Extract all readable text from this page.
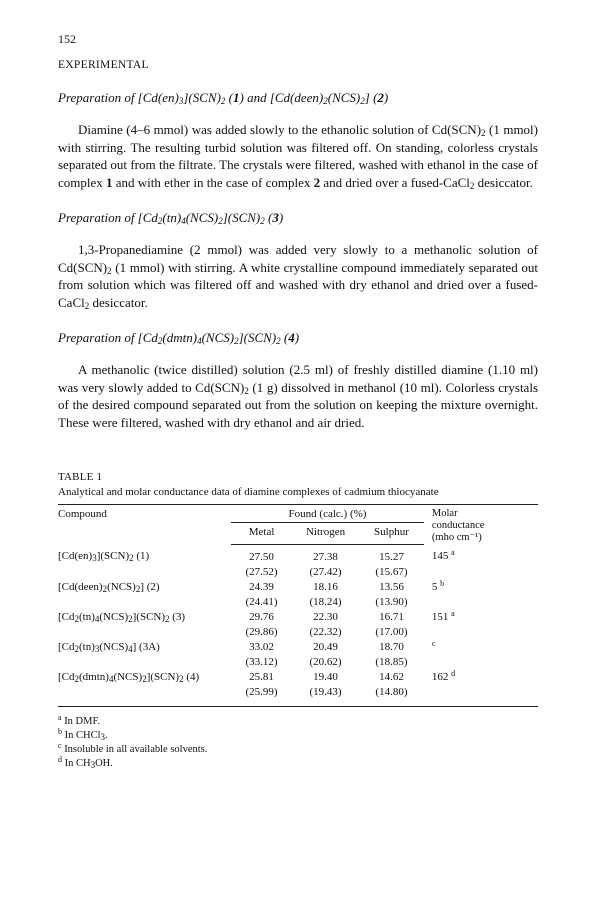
152
EXPERIMENTAL
Preparation of $[Cd(en)_3](SCN)_2$ (1) and $[Cd(deen)_2(NCS)_2]$ (2)

Diamine (4–6 mmol) was added slowly to the ethanolic solution of $Cd(SCN)_2$ (1 mmol) with stirring. The resulting turbid solution was filtered off. On standing, colorless crystals separated out from the filtrate. The crystals were filtered, washed with ethanol in the case of complex 1 and with ether in the case of complex 2 and dried over a fused-CaCl$_2$ desiccator.

Preparation of $[Cd_2(tn)_4(NCS)_2](SCN)_2$ (3)

1,3-Propanediamine (2 mmol) was added very slowly to a methanolic solution of $Cd(SCN)_2$ (1 mmol) with stirring. A white crystalline compound immediately separated out from solution which was filtered off and washed with dry ethanol and dried over a fused-CaCl$_2$ desiccator.

Preparation of $[Cd_2(dmtn)_4(NCS)_2](SCN)_2$ (4)

A methanolic (twice distilled) solution (2.5 ml) of freshly distilled diamine (1.10 ml) was very slowly added to $Cd(SCN)_2$ (1 g) dissolved in methanol (10 ml). Colorless crystals of the desired compound separated out from the solution on keeping the mixture overnight. These were filtered, washed with dry ethanol and air dried.

TABLE 1
Analytical and molar conductance data of diamine complexes of cadmium thiocyanate
Compound	Found (calc.) (%)			Molar
conductance
(mho cm⁻¹)

	Metal	Nitrogen	Sulphur	
$[Cd(en)_3](SCN)_2$ (1)	27.50	27.38	15.27	145 $^a$
	(27.52)	(27.42)	(15.67)	
$[Cd(deen)_2(NCS)_2]$ (2)	24.39	18.16	13.56	5 $^b$
	(24.41)	(18.24)	(13.90)	
$[Cd_2(tn)_4(NCS)_2](SCN)_2$ (3)	29.76	22.30	16.71	151 $^a$
	(29.86)	(22.32)	(17.00)	
$[Cd_2(tn)_3(NCS)_4]$ (3A)	33.02	20.49	18.70	$^c$
	(33.12)	(20.62)	(18.85)	
$[Cd_2(dmtn)_4(NCS)_2](SCN)_2$ (4)	25.81	19.40	14.62	162 $^d$
	(25.99)	(19.43)	(14.80)	
$^a$ In DMF.
$^b$ In CHCl$_3$.
$^c$ Insoluble in all available solvents.
$^d$ In $CH_3OH$.
